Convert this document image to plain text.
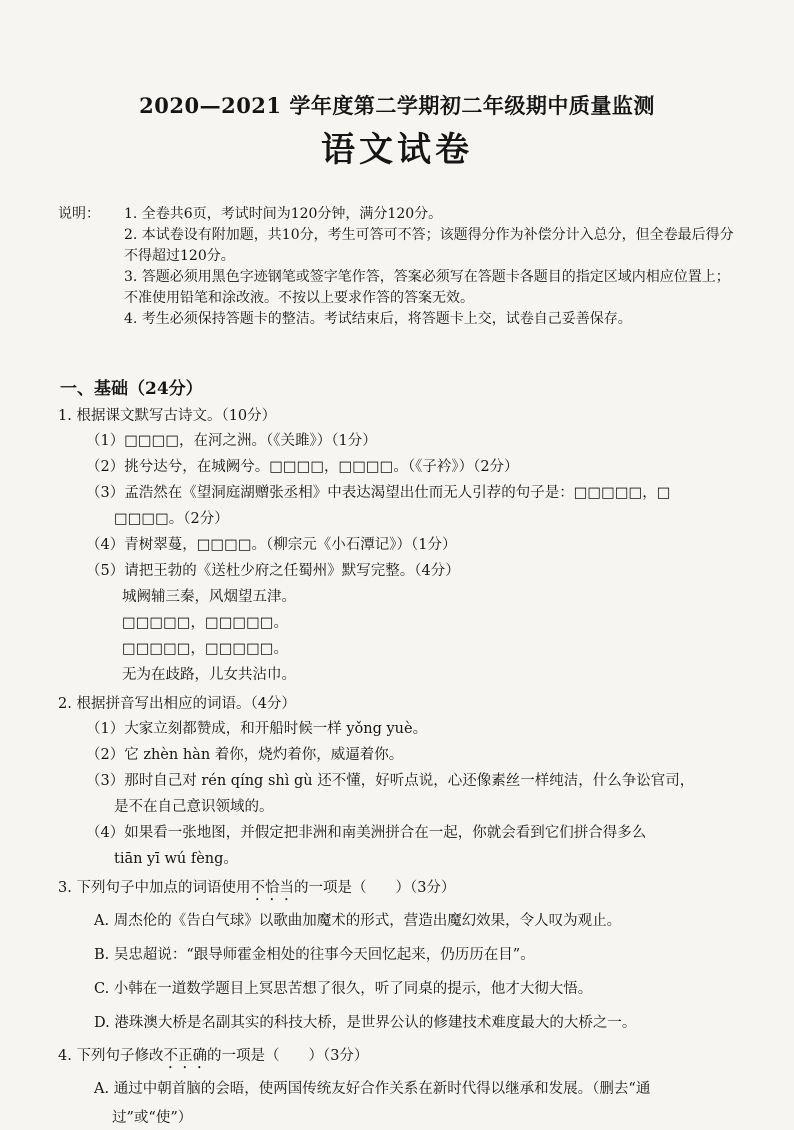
2020—2021 学年度第二学期初二年级期中质量监测
语文试卷
说明：	1. 全卷共6页，考试时间为120分钟，满分120分。
2. 本试卷设有附加题，共10分，考生可答可不答；该题得分作为补偿分计入总分，但全卷最后得分不得超过120分。
3. 答题必须用黑色字迹钢笔或签字笔作答，答案必须写在答题卡各题目的指定区域内相应位置上；不准使用铅笔和涂改液。不按以上要求作答的答案无效。
4. 考生必须保持答题卡的整洁。考试结束后，将答题卡上交，试卷自己妥善保存。
一、基础（24分）
1. 根据课文默写古诗文。（10分）
（1）□□□□，在河之洲。（《关雎》）（1分）
（2）挑兮达兮，在城阙兮。□□□□，□□□□。（《子衿》）（2分）
（3）孟浩然在《望洞庭湖赠张丞相》中表达渴望出仕而无人引荐的句子是：□□□□□，□
□□□□。（2分）
（4）青树翠蔓，□□□□。（柳宗元《小石潭记》）（1分）
（5）请把王勃的《送杜少府之任蜀州》默写完整。（4分）
城阙辅三秦，风烟望五津。
□□□□□，□□□□□。
□□□□□，□□□□□。
无为在歧路，儿女共沾巾。
2. 根据拼音写出相应的词语。（4分）
（1）大家立刻都赞成，和开船时候一样 yǒng yuè。
（2）它 zhèn hàn 着你，烧灼着你，威逼着你。
（3）那时自己对 rén qíng shì gù 还不懂，好听点说，心还像素丝一样纯洁，什么争讼官司，
是不在自己意识领域的。
（4）如果看一张地图，并假定把非洲和南美洲拼合在一起，你就会看到它们拼合得多么
tiān yī wú fèng。
3. 下列句子中加点的词语使用不恰当的一项是（　　）（3分）
A. 周杰伦的《告白气球》以歌曲加魔术的形式，营造出魔幻效果，令人叹为观止。
B. 吴忠超说：“跟导师霍金相处的往事今天回忆起来，仍历历在目”。
C. 小韩在一道数学题目上冥思苦想了很久，听了同桌的提示，他才大彻大悟。
D. 港珠澳大桥是名副其实的科技大桥，是世界公认的修建技术难度最大的大桥之一。
4. 下列句子修改不正确的一项是（　　）（3分）
A. 通过中朝首脑的会晤，使两国传统友好合作关系在新时代得以继承和发展。（删去“通
过”或“使”）
